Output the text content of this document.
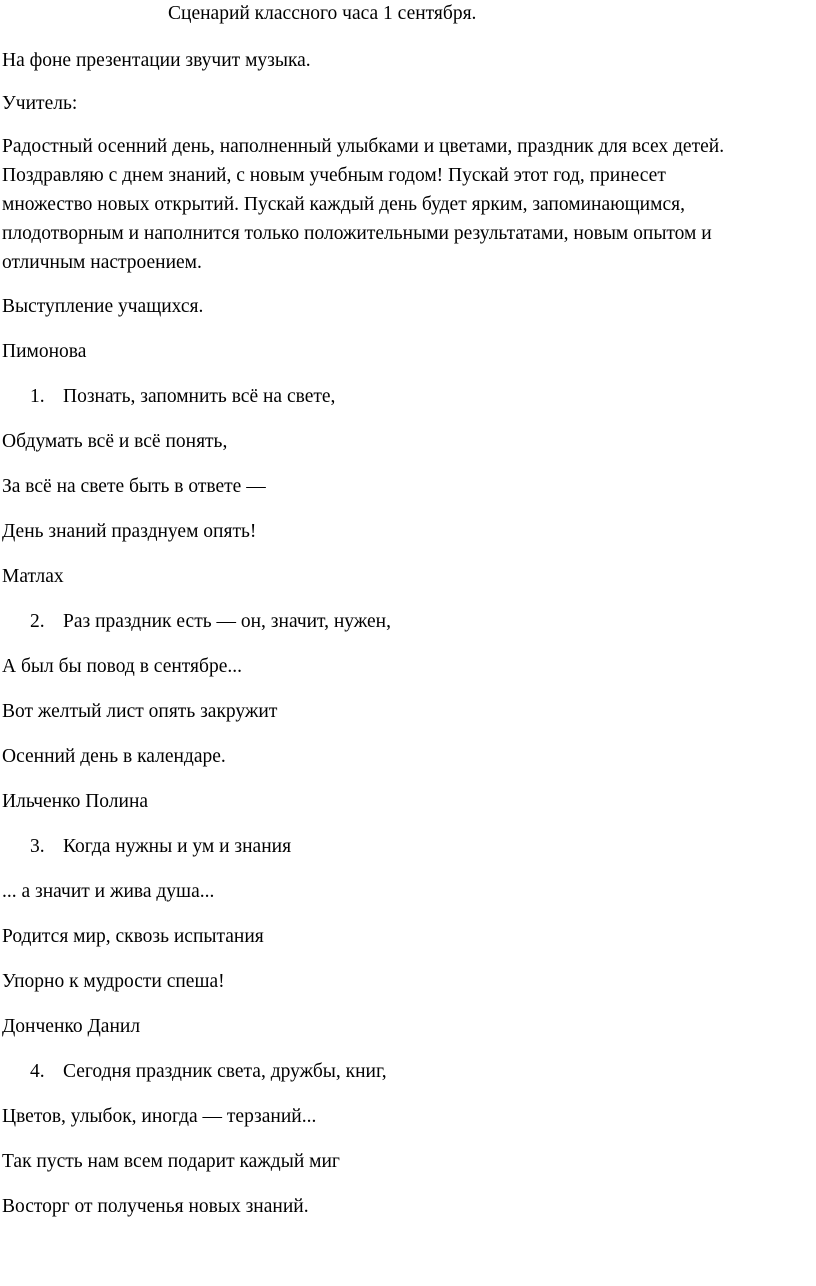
Сценарий классного часа 1 сентября.
На фоне презентации звучит музыка.
Учитель:
Радостный осенний день, наполненный улыбками и цветами, праздник для всех детей.
Поздравляю с днем знаний, с новым учебным годом! Пускай этот год, принесет
множество новых открытий. Пускай каждый день будет ярким, запоминающимся,
плодотворным и наполнится только положительными результатами, новым опытом и
отличным настроением.
Выступление учащихся.
Пимонова
1. Познать, запомнить всё на свете,
Обдумать всё и всё понять,
За всё на свете быть в ответе —
День знаний празднуем опять!
Матлах
2. Раз праздник есть — он, значит, нужен,
А был бы повод в сентябре...
Вот желтый лист опять закружит
Осенний день в календаре.
Ильченко Полина
3. Когда нужны и ум и знания
... а значит и жива душа...
Родится мир, сквозь испытания
Упорно к мудрости спеша!
Донченко Данил
4. Сегодня праздник света, дружбы, книг,
Цветов, улыбок, иногда — терзаний...
Так пусть нам всем подарит каждый миг
Восторг от полученья новых знаний.
